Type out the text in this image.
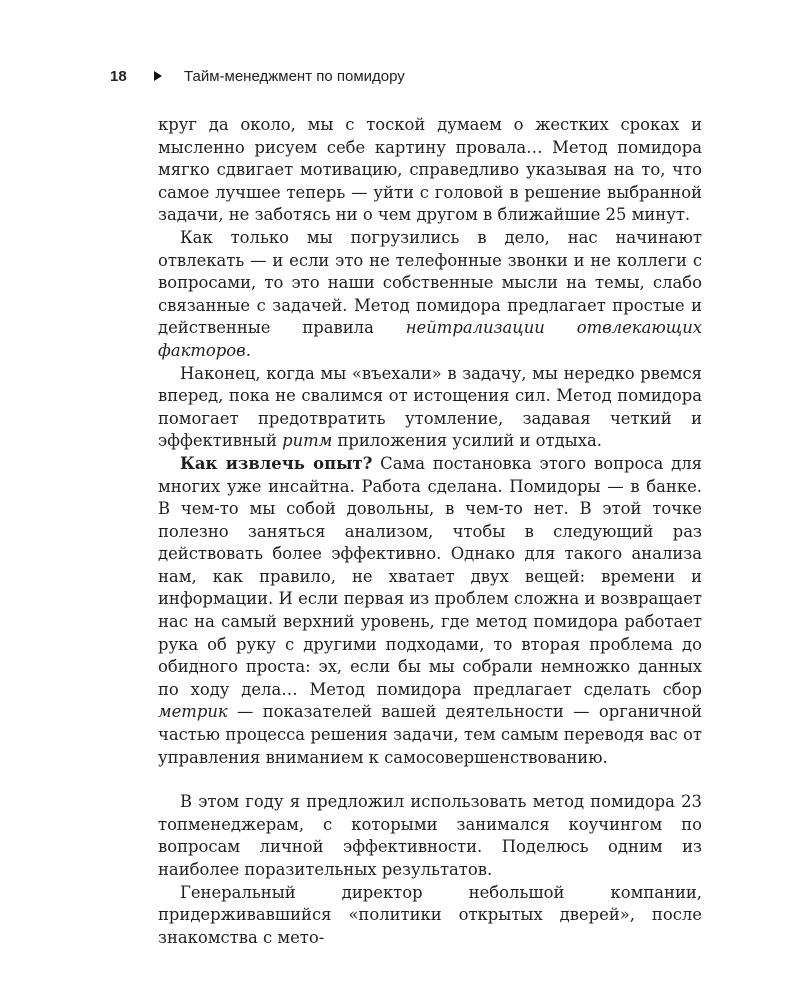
18	Тайм-менеджмент по помидору

круг да около, мы с тоской думаем о жестких сроках и мысленно рисуем себе картину провала… Метод помидора мягко сдвигает мотивацию, справедливо указывая на то, что самое лучшее теперь — уйти с головой в решение выбранной задачи, не заботясь ни о чем другом в ближайшие 25 минут.

Как только мы погрузились в дело, нас начинают отвлекать — и если это не телефонные звонки и не коллеги с вопросами, то это наши собственные мысли на темы, слабо связанные с задачей. Метод помидора предлагает простые и действенные правила нейтрализации отвлекающих факторов.

Наконец, когда мы «въехали» в задачу, мы нередко рвемся вперед, пока не свалимся от истощения сил. Метод помидора помогает предотвратить утомление, задавая четкий и эффективный ритм приложения усилий и отдыха.

Как извлечь опыт? Сама постановка этого вопроса для многих уже инсайтна. Работа сделана. Помидоры — в банке. В чем-то мы собой довольны, в чем-то нет. В этой точке полезно заняться анализом, чтобы в следующий раз действовать более эффективно. Однако для такого анализа нам, как правило, не хватает двух вещей: времени и информации. И если первая из проблем сложна и возвращает нас на самый верхний уровень, где метод помидора работает рука об руку с другими подходами, то вторая проблема до обидного проста: эх, если бы мы собрали немножко данных по ходу дела… Метод помидора предлагает сделать сбор метрик — показателей вашей деятельности — органичной частью процесса решения задачи, тем самым переводя вас от управления вниманием к самосовершенствованию.

В этом году я предложил использовать метод помидора 23 топменеджерам, с которыми занимался коучингом по вопросам личной эффективности. Поделюсь одним из наиболее поразительных результатов.

Генеральный директор небольшой компании, придерживавшийся «политики открытых дверей», после знакомства с мето-
